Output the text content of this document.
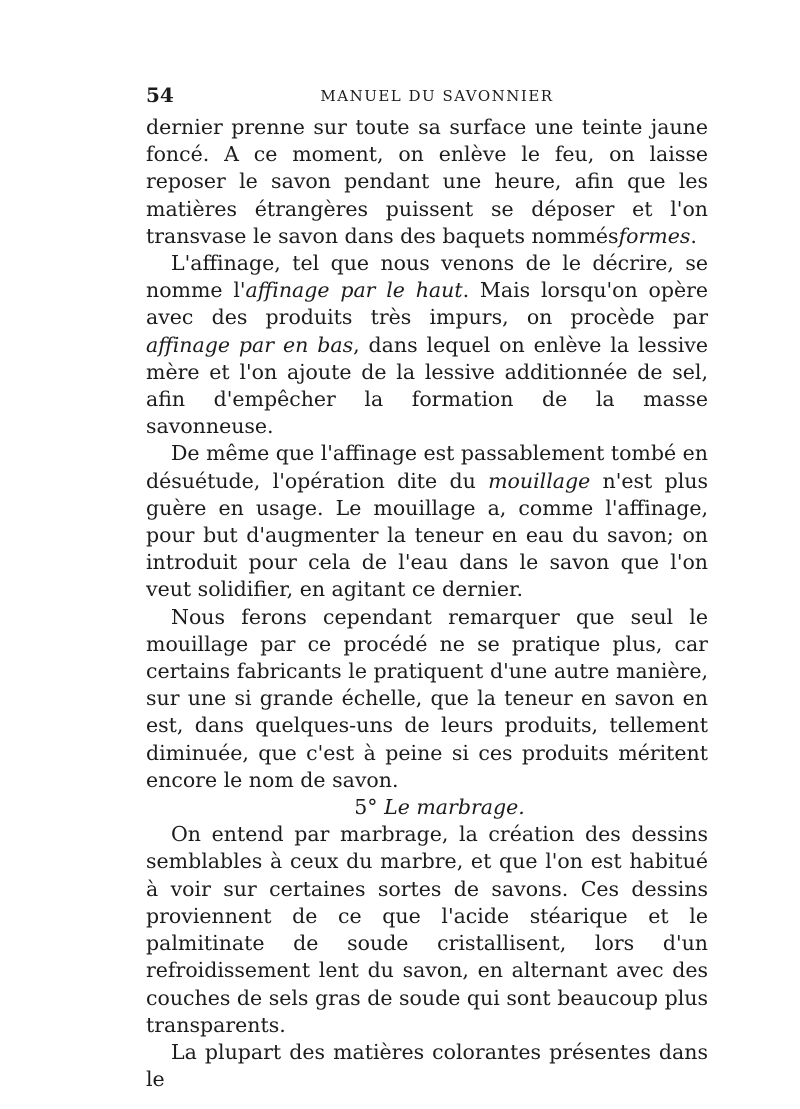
54	MANUEL DU SAVONNIER

dernier prenne sur toute sa surface une teinte jaune foncé. A ce moment, on enlève le feu, on laisse reposer le savon pendant une heure, afin que les matières étrangères puissent se déposer et l'on transvase le savon dans des baquets nommésformes.

L'affinage, tel que nous venons de le décrire, se nomme l'affinage par le haut. Mais lorsqu'on opère avec des produits très impurs, on procède par affinage par en bas, dans lequel on enlève la lessive mère et l'on ajoute de la lessive additionnée de sel, afin d'empêcher la formation de la masse savonneuse.

De même que l'affinage est passablement tombé en désuétude, l'opération dite du mouillage n'est plus guère en usage. Le mouillage a, comme l'affinage, pour but d'augmenter la teneur en eau du savon; on introduit pour cela de l'eau dans le savon que l'on veut solidifier, en agitant ce dernier.

Nous ferons cependant remarquer que seul le mouillage par ce procédé ne se pratique plus, car certains fabricants le pratiquent d'une autre manière, sur une si grande échelle, que la teneur en savon en est, dans quelques-uns de leurs produits, tellement diminuée, que c'est à peine si ces produits méritent encore le nom de savon.

5° Le marbrage.

On entend par marbrage, la création des dessins semblables à ceux du marbre, et que l'on est habitué à voir sur certaines sortes de savons. Ces dessins proviennent de ce que l'acide stéarique et le palmitinate de soude cristallisent, lors d'un refroidissement lent du savon, en alternant avec des couches de sels gras de soude qui sont beaucoup plus transparents.

La plupart des matières colorantes présentes dans le
